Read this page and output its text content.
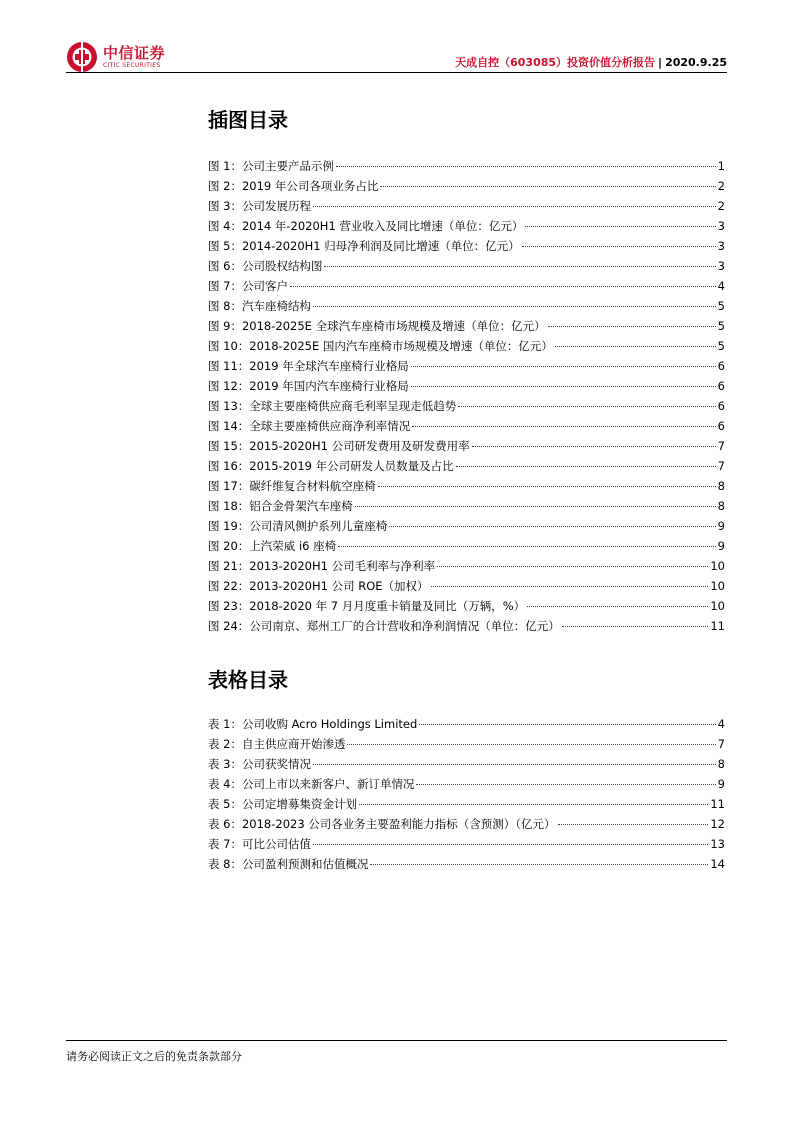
中信证券
CITIC SECURITIES	天成自控（603085）投资价值分析报告 | 2020.9.25
插图目录
图 1：公司主要产品示例	1
图 2：2019 年公司各项业务占比	2
图 3：公司发展历程	2
图 4：2014 年-2020H1 营业收入及同比增速（单位：亿元）	3
图 5：2014-2020H1 归母净利润及同比增速（单位：亿元）	3
图 6：公司股权结构图	3
图 7：公司客户	4
图 8：汽车座椅结构	5
图 9：2018-2025E 全球汽车座椅市场规模及增速（单位：亿元）	5
图 10：2018-2025E 国内汽车座椅市场规模及增速（单位：亿元）	5
图 11：2019 年全球汽车座椅行业格局	6
图 12：2019 年国内汽车座椅行业格局	6
图 13：全球主要座椅供应商毛利率呈现走低趋势	6
图 14：全球主要座椅供应商净利率情况	6
图 15：2015-2020H1 公司研发费用及研发费用率	7
图 16：2015-2019 年公司研发人员数量及占比	7
图 17：碳纤维复合材料航空座椅	8
图 18：铝合金骨架汽车座椅	8
图 19：公司清风侧护系列儿童座椅	9
图 20：上汽荣威 i6 座椅	9
图 21：2013-2020H1 公司毛利率与净利率	10
图 22：2013-2020H1 公司 ROE（加权）	10
图 23：2018-2020 年 7 月月度重卡销量及同比（万辆，%）	10
图 24：公司南京、郑州工厂的合计营收和净利润情况（单位：亿元）	11
表格目录
表 1：公司收购 Acro Holdings Limited	4
表 2：自主供应商开始渗透	7
表 3：公司获奖情况	8
表 4：公司上市以来新客户、新订单情况	9
表 5：公司定增募集资金计划	11
表 6：2018-2023 公司各业务主要盈利能力指标（含预测）（亿元）	12
表 7：可比公司估值	13
表 8：公司盈利预测和估值概况	14
请务必阅读正文之后的免责条款部分
